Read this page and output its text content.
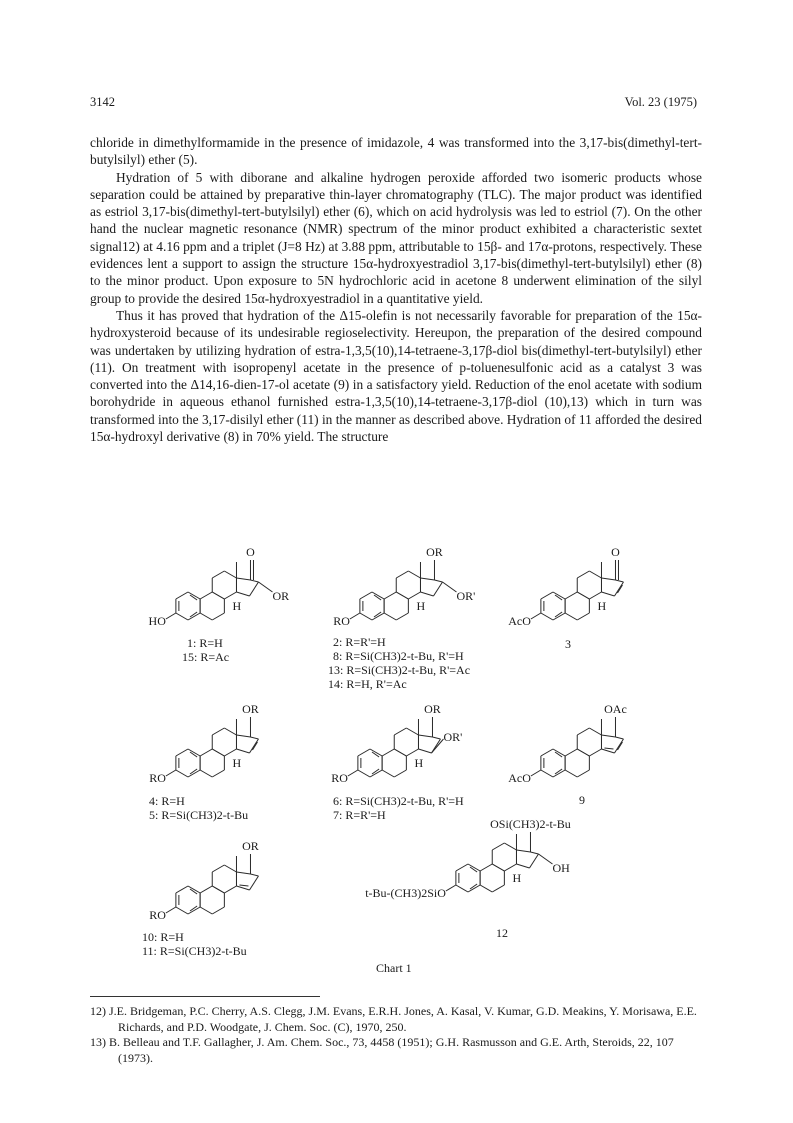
3142	Vol. 23 (1975)

chloride in dimethylformamide in the presence of imidazole, 4 was transformed into the 3,17-bis(dimethyl-tert-butylsilyl) ether (5).

Hydration of 5 with diborane and alkaline hydrogen peroxide afforded two isomeric products whose separation could be attained by preparative thin-layer chromatography (TLC). The major product was identified as estriol 3,17-bis(dimethyl-tert-butylsilyl) ether (6), which on acid hydrolysis was led to estriol (7). On the other hand the nuclear magnetic resonance (NMR) spectrum of the minor product exhibited a characteristic sextet signal12) at 4.16 ppm and a triplet (J=8 Hz) at 3.88 ppm, attributable to 15β- and 17α-protons, respectively. These evidences lent a support to assign the structure 15α-hydroxyestradiol 3,17-bis(dimethyl-tert-butylsilyl) ether (8) to the minor product. Upon exposure to 5N hydrochloric acid in acetone 8 underwent elimination of the silyl group to provide the desired 15α-hydroxyestradiol in a quantitative yield.

Thus it has proved that hydration of the Δ15-olefin is not necessarily favorable for preparation of the 15α-hydroxysteroid because of its undesirable regioselectivity. Hereupon, the preparation of the desired compound was undertaken by utilizing hydration of estra-1,3,5(10),14-tetraene-3,17β-diol bis(dimethyl-tert-butylsilyl) ether (11). On treatment with isopropenyl acetate in the presence of p-toluenesulfonic acid as a catalyst 3 was converted into the Δ14,16-dien-17-ol acetate (9) in a satisfactory yield. Reduction of the enol acetate with sodium borohydride in aqueous ethanol furnished estra-1,3,5(10),14-tetraene-3,17β-diol (10),13) which in turn was transformed into the 3,17-disilyl ether (11) in the manner as described above. Hydration of 11 afforded the desired 15α-hydroxyl derivative (8) in 70% yield. The structure

O
OR
H
HO
OR
OR'
H
RO
O
H
AcO
OR
H
RO
OR
OR'
H
RO
OAc
AcO
OR
RO
OSi(CH3)2-t-Bu
OH
H
t-Bu-(CH3)2SiO
1: R=H
15: R=Ac
2: R=R'=H
8: R=Si(CH3)2-t-Bu, R'=H
13: R=Si(CH3)2-t-Bu, R'=Ac
14: R=H, R'=Ac
3
4: R=H
5: R=Si(CH3)2-t-Bu
6: R=Si(CH3)2-t-Bu, R'=H
7: R=R'=H
9
10: R=H
11: R=Si(CH3)2-t-Bu
12
Chart 1
12) J.E. Bridgeman, P.C. Cherry, A.S. Clegg, J.M. Evans, E.R.H. Jones, A. Kasal, V. Kumar, G.D. Meakins, Y. Morisawa, E.E. Richards, and P.D. Woodgate, J. Chem. Soc. (C), 1970, 250.
13) B. Belleau and T.F. Gallagher, J. Am. Chem. Soc., 73, 4458 (1951); G.H. Rasmusson and G.E. Arth, Steroids, 22, 107 (1973).
